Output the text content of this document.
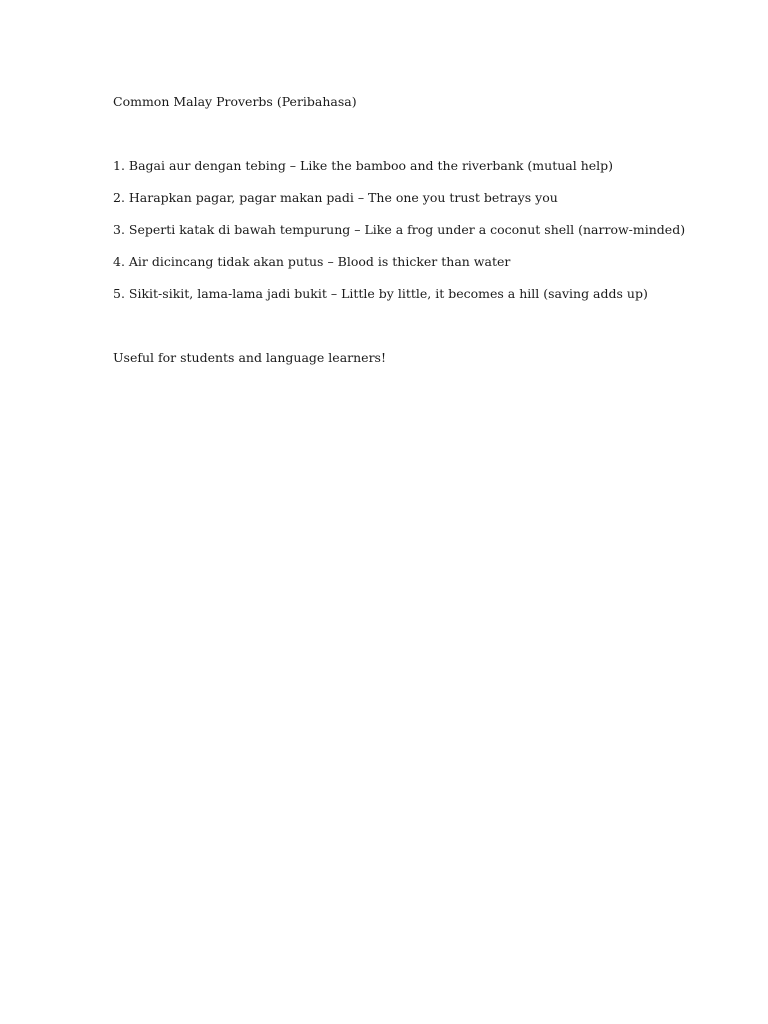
Common Malay Proverbs (Peribahasa)
1. Bagai aur dengan tebing – Like the bamboo and the riverbank (mutual help)
2. Harapkan pagar, pagar makan padi – The one you trust betrays you
3. Seperti katak di bawah tempurung – Like a frog under a coconut shell (narrow-minded)
4. Air dicincang tidak akan putus – Blood is thicker than water
5. Sikit-sikit, lama-lama jadi bukit – Little by little, it becomes a hill (saving adds up)
Useful for students and language learners!
